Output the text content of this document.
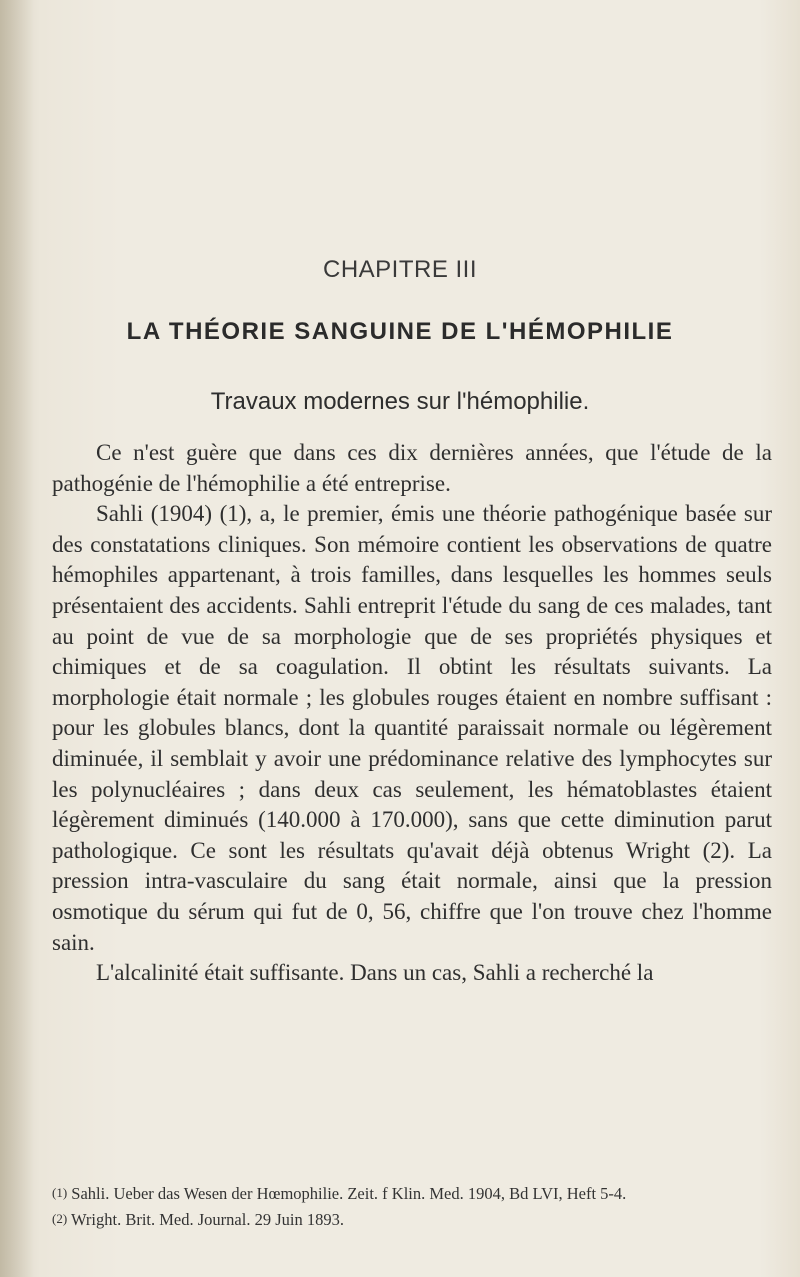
CHAPITRE III
LA THÉORIE SANGUINE DE L'HÉMOPHILIE
Travaux modernes sur l'hémophilie.

Ce n'est guère que dans ces dix dernières années, que l'étude de la pathogénie de l'hémophilie a été entreprise.

Sahli (1904) (1), a, le premier, émis une théorie pathogénique basée sur des constatations cliniques. Son mémoire contient les observations de quatre hémophiles appartenant, à trois familles, dans lesquelles les hommes seuls présentaient des accidents. Sahli entreprit l'étude du sang de ces malades, tant au point de vue de sa morphologie que de ses propriétés physiques et chimiques et de sa coagulation. Il obtint les résultats suivants. La morphologie était normale ; les globules rouges étaient en nombre suffisant : pour les globules blancs, dont la quantité paraissait normale ou légèrement diminuée, il semblait y avoir une prédominance relative des lymphocytes sur les polynucléaires ; dans deux cas seulement, les hématoblastes étaient légèrement diminués (140.000 à 170.000), sans que cette diminution parut pathologique. Ce sont les résultats qu'avait déjà obtenus Wright (2). La pression intra-vasculaire du sang était normale, ainsi que la pression osmotique du sérum qui fut de 0, 56, chiffre que l'on trouve chez l'homme sain.

L'alcalinité était suffisante. Dans un cas, Sahli a recherché la

(1) Sahli. Ueber das Wesen der Hœmophilie. Zeit. f Klin. Med. 1904, Bd LVI, Heft 5-4.

(2) Wright. Brit. Med. Journal. 29 Juin 1893.
